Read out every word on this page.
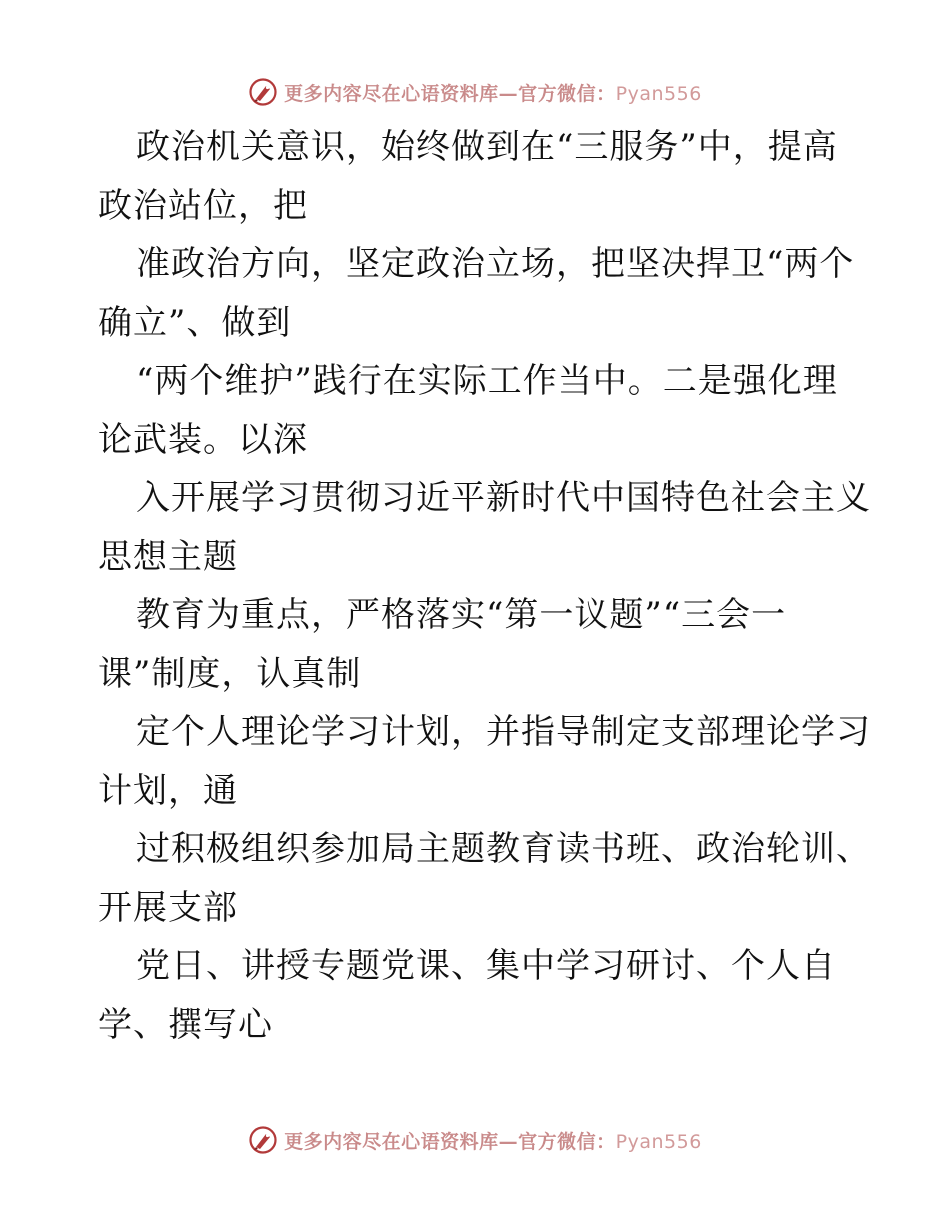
更多内容尽在心语资料库—官方微信：Pyan556
政治机关意识，始终做到在“三服务”中，提高
政治站位，把
准政治方向，坚定政治立场，把坚决捍卫“两个
确立”、做到
“两个维护”践行在实际工作当中。二是强化理
论武装。以深
入开展学习贯彻习近平新时代中国特色社会主义
思想主题
教育为重点，严格落实“第一议题”“三会一
课”制度，认真制
定个人理论学习计划，并指导制定支部理论学习
计划，通
过积极组织参加局主题教育读书班、政治轮训、
开展支部
党日、讲授专题党课、集中学习研讨、个人自
学、撰写心
更多内容尽在心语资料库—官方微信：Pyan556
